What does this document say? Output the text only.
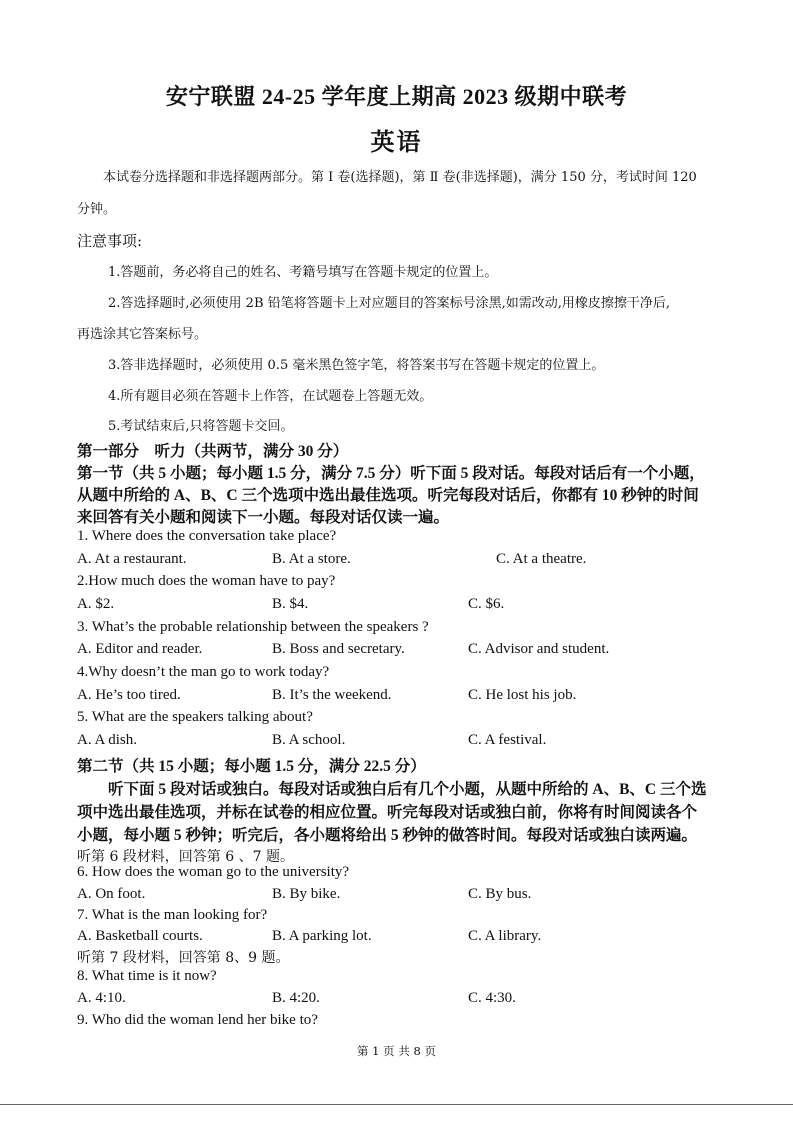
安宁联盟 24-25 学年度上期高 2023 级期中联考
英语
本试卷分选择题和非选择题两部分。第 I 卷(选择题)，第 Ⅱ 卷(非选择题)，满分 150 分，考试时间 120
分钟。
注意事项:
1.答题前，务必将自己的姓名、考籍号填写在答题卡规定的位置上。
2.答选择题时,必须使用 2B 铅笔将答题卡上对应题目的答案标号涂黑,如需改动,用橡皮擦擦干净后,
再选涂其它答案标号。
3.答非选择题时，必须使用 0.5 毫米黑色签字笔，将答案书写在答题卡规定的位置上。
4.所有题目必须在答题卡上作答，在试题卷上答题无效。
5.考试结束后,只将答题卡交回。
第一部分　听力（共两节，满分 30 分）
第一节（共 5 小题；每小题 1.5 分，满分 7.5 分）听下面 5 段对话。每段对话后有一个小题，
从题中所给的 A、B、C 三个选项中选出最佳选项。听完每段对话后，你都有 10 秒钟的时间
来回答有关小题和阅读下一小题。每段对话仅读一遍。
1. Where does the conversation take place?
A. At a restaurant.	B. At a store.	C. At a theatre.
2.How much does the woman have to pay?
A. $2.	B. $4.	C. $6.
3. What’s the probable relationship between the speakers ?
A. Editor and reader.	B. Boss and secretary.	C. Advisor and student.
4.Why doesn’t the man go to work today?
A. He’s too tired.	B. It’s the weekend.	C. He lost his job.
5. What are the speakers talking about?
A. A dish.	B. A school.	C. A festival.
第二节（共 15 小题；每小题 1.5 分，满分 22.5 分）
　　听下面 5 段对话或独白。每段对话或独白后有几个小题，从题中所给的 A、B、C 三个选
项中选出最佳选项，并标在试卷的相应位置。听完每段对话或独白前，你将有时间阅读各个
小题，每小题 5 秒钟；听完后，各小题将给出 5 秒钟的做答时间。每段对话或独白读两遍。
听第 6 段材料，回答第 6 、7 题。
6. How does the woman go to the university?
A. On foot.	B. By bike.	C. By bus.
7. What is the man looking for?
A. Basketball courts.	B. A parking lot.	C. A library.
听第 7 段材料，回答第 8、9 题。
8. What time is it now?
A. 4:10.	B. 4:20.	C. 4:30.
9. Who did the woman lend her bike to?
第 1 页 共 8 页
